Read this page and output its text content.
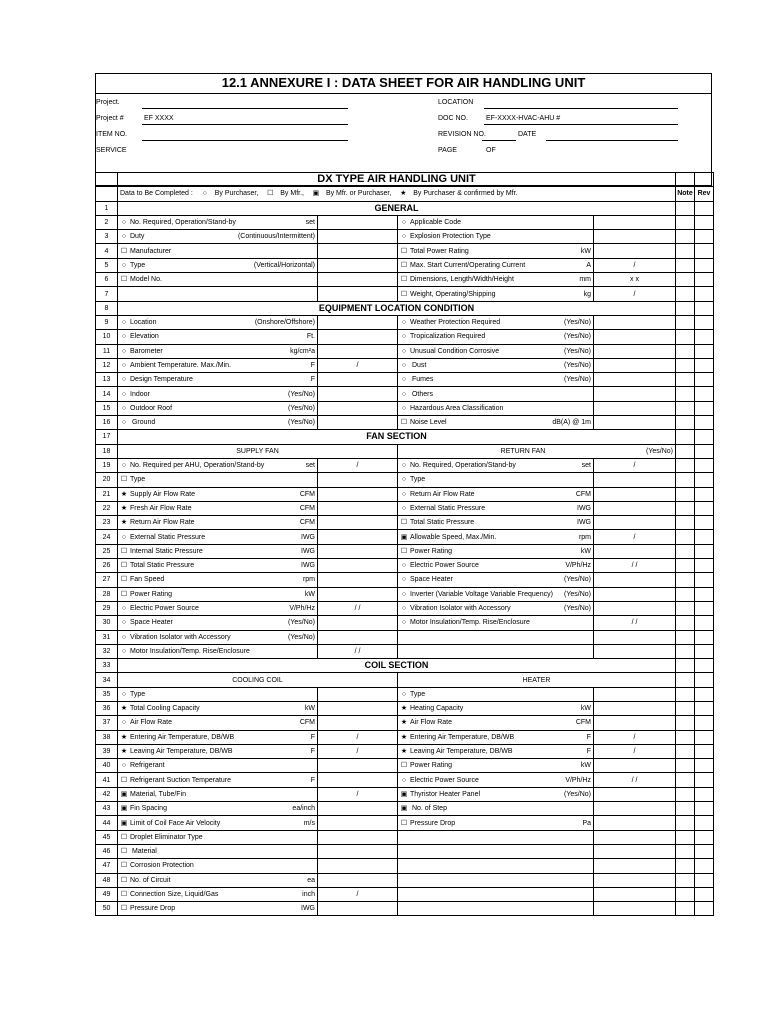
12.1 ANNEXURE I : DATA SHEET FOR AIR HANDLING UNIT
Project.
Project #	EF XXXX
ITEM NO.
SERVICE
LOCATION
DOC NO.	EF-XXXX-HVAC-AHU #
REVISION NO.	DATE
PAGE	OF
	DX TYPE AIR HANDLING UNIT					
	Data to Be Completed : ○ By Purchaser, ☐ By Mfr., ▣ By Mfr. or Purchaser, ★ By Purchaser & confirmed by Mfr.				Note	Rev
1	GENERAL					
2	○ No. Required, Operation/Stand-by set		○ Applicable Code			

3	○ Duty (Continuous/Intermittent)		○ Explosion Protection Type			

4	☐ Manufacturer		☐ Total Power Rating kW			

5	○ Type (Vertical/Horizontal)		☐ Max. Start Current/Operating Current A	/		
6	☐ Model No.		☐ Dimensions, Length/Width/Height mm	x x		
7			☐ Weight, Operating/Shipping kg	/		
8	EQUIPMENT LOCATION CONDITION					
9	○ Location (Onshore/Offshore)		○ Weather Protection Required (Yes/No)			

10	○ Elevation Ft.		○ Tropicalization Required (Yes/No)			

11	○ Barometer kg/cm²a		○ Unusual Condition Corrosive (Yes/No)			

12	○ Ambient Temperature. Max./Min. F	/	○ Dust (Yes/No)			

13	○ Design Temperature F		○ Fumes (Yes/No)			

14	○ Indoor (Yes/No)		○ Others			

15	○ Outdoor Roof (Yes/No)		○ Hazardous Area Classification			

16	○ Ground (Yes/No)		☐ Noise Level dB(A) @ 1m			

17	FAN SECTION					
18	SUPPLY FAN		RETURN FAN (Yes/No)			

19	○ No. Required per AHU, Operation/Stand-by set	/	○ No. Required, Operation/Stand-by set	/		
20	☐ Type		○ Type			

21	★ Supply Air Flow Rate CFM		○ Return Air Flow Rate CFM			

22	★ Fresh Air Flow Rate CFM		○ External Static Pressure IWG			

23	★ Return Air Flow Rate CFM		☐ Total Static Pressure IWG			

24	○ External Static Pressure IWG		▣ Allowable Speed, Max./Min. rpm	/		
25	☐ Internal Static Pressure IWG		☐ Power Rating kW			

26	☐ Total Static Pressure IWG		○ Electric Power Source V/Ph/Hz	/ /		
27	☐ Fan Speed rpm		○ Space Heater (Yes/No)			

28	☐ Power Rating kW		○ Inverter (Variable Voltage Variable Frequency) (Yes/No)			

29	○ Electric Power Source V/Ph/Hz	/ /	○ Vibration Isolator with Accessory (Yes/No)			

30	○ Space Heater (Yes/No)		○ Motor Insulation/Temp. Rise/Enclosure	/ /		
31	○ Vibration Isolator with Accessory (Yes/No)					

32	○ Motor Insulation/Temp. Rise/Enclosure	/ /				
33	COIL SECTION					
34	COOLING COIL		HEATER			

35	○ Type		○ Type			

36	★ Total Cooling Capacity kW		★ Heating Capacity kW			

37	○ Air Flow Rate CFM		★ Air Flow Rate CFM			

38	★ Entering Air Temperature, DB/WB F	/	★ Entering Air Temperature, DB/WB F	/		
39	★ Leaving Air Temperature, DB/WB F	/	★ Leaving Air Temperature, DB/WB F	/		
40	○ Refrigerant		☐ Power Rating kW			

41	☐ Refrigerant Suction Temperature F		○ Electric Power Source V/Ph/Hz	/ /		
42	▣ Material, Tube/Fin	/	▣ Thyristor Heater Panel (Yes/No)			

43	▣ Fin Spacing ea/inch		▣ No. of Step			

44	▣ Limit of Coil Face Air Velocity m/s		☐ Pressure Drop Pa			

45	☐ Droplet Eliminator Type					

46	☐ Material					

47	☐ Corrosion Protection					

48	☐ No. of Circuit ea					

49	☐ Connection Size, Liquid/Gas inch	/				
50	☐ Pressure Drop IWG					
